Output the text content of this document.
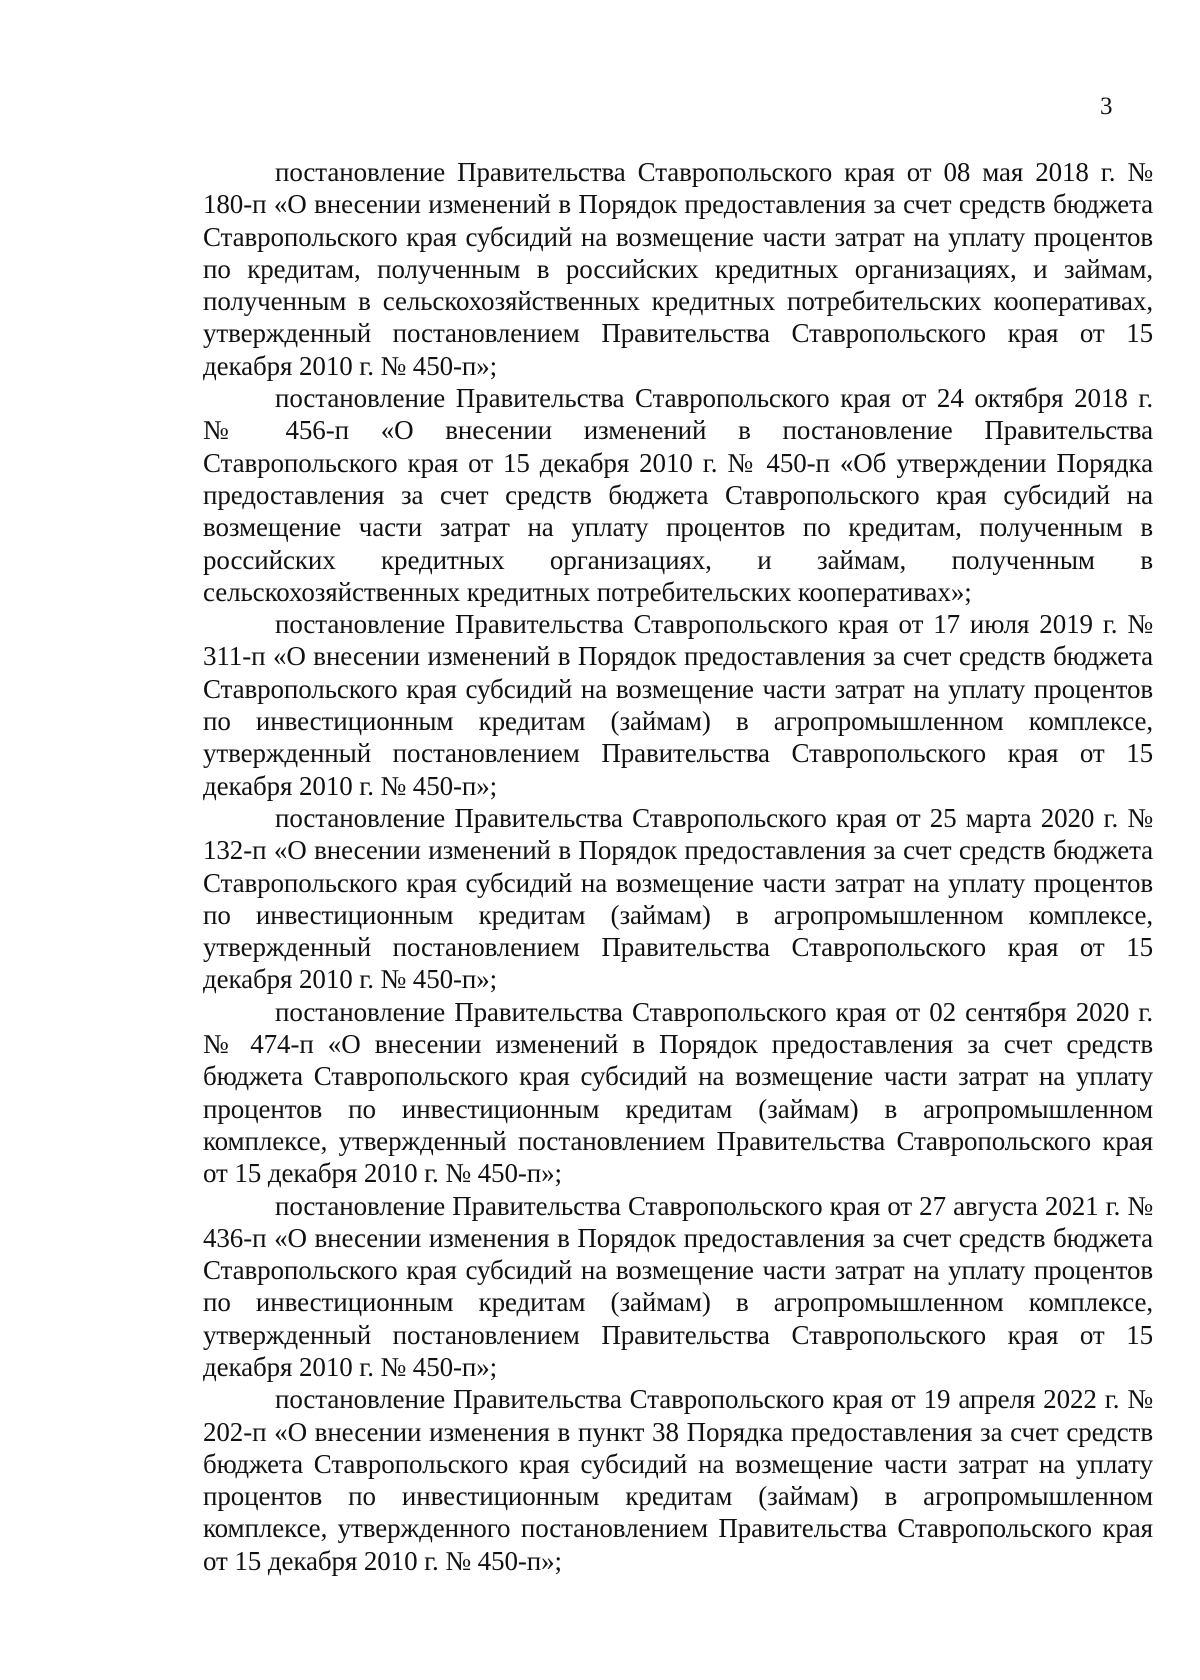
3

постановление Правительства Ставропольского края от 08 мая 2018 г. № 180-п «О внесении изменений в Порядок предоставления за счет средств бюджета Ставропольского края субсидий на возмещение части затрат на уплату процентов по кредитам, полученным в российских кредитных организациях, и займам, полученным в сельскохозяйственных кредитных потребительских кооперативах, утвержденный постановлением Правительства Ставропольского края от 15 декабря 2010 г. № 450-п»;

постановление Правительства Ставропольского края от 24 октября 2018 г. № 456-п «О внесении изменений в постановление Правительства Ставропольского края от 15 декабря 2010 г. № 450-п «Об утверждении Порядка предоставления за счет средств бюджета Ставропольского края субсидий на возмещение части затрат на уплату процентов по кредитам, полученным в российских кредитных организациях, и займам, полученным в сельскохозяйственных кредитных потребительских кооперативах»;

постановление Правительства Ставропольского края от 17 июля 2019 г. № 311-п «О внесении изменений в Порядок предоставления за счет средств бюджета Ставропольского края субсидий на возмещение части затрат на уплату процентов по инвестиционным кредитам (займам) в агропромышленном комплексе, утвержденный постановлением Правительства Ставропольского края от 15 декабря 2010 г. № 450-п»;

постановление Правительства Ставропольского края от 25 марта 2020 г. № 132-п «О внесении изменений в Порядок предоставления за счет средств бюджета Ставропольского края субсидий на возмещение части затрат на уплату процентов по инвестиционным кредитам (займам) в агропромышленном комплексе, утвержденный постановлением Правительства Ставропольского края от 15 декабря 2010 г. № 450-п»;

постановление Правительства Ставропольского края от 02 сентября 2020 г. № 474-п «О внесении изменений в Порядок предоставления за счет средств бюджета Ставропольского края субсидий на возмещение части затрат на уплату процентов по инвестиционным кредитам (займам) в агропромышленном комплексе, утвержденный постановлением Правительства Ставропольского края от 15 декабря 2010 г. № 450-п»;

постановление Правительства Ставропольского края от 27 августа 2021 г. № 436-п «О внесении изменения в Порядок предоставления за счет средств бюджета Ставропольского края субсидий на возмещение части затрат на уплату процентов по инвестиционным кредитам (займам) в агропромышленном комплексе, утвержденный постановлением Правительства Ставропольского края от 15 декабря 2010 г. № 450-п»;

постановление Правительства Ставропольского края от 19 апреля 2022 г. № 202-п «О внесении изменения в пункт 38 Порядка предоставления за счет средств бюджета Ставропольского края субсидий на возмещение части затрат на уплату процентов по инвестиционным кредитам (займам) в агропромышленном комплексе, утвержденного постановлением Правительства Ставропольского края от 15 декабря 2010 г. № 450-п»;
